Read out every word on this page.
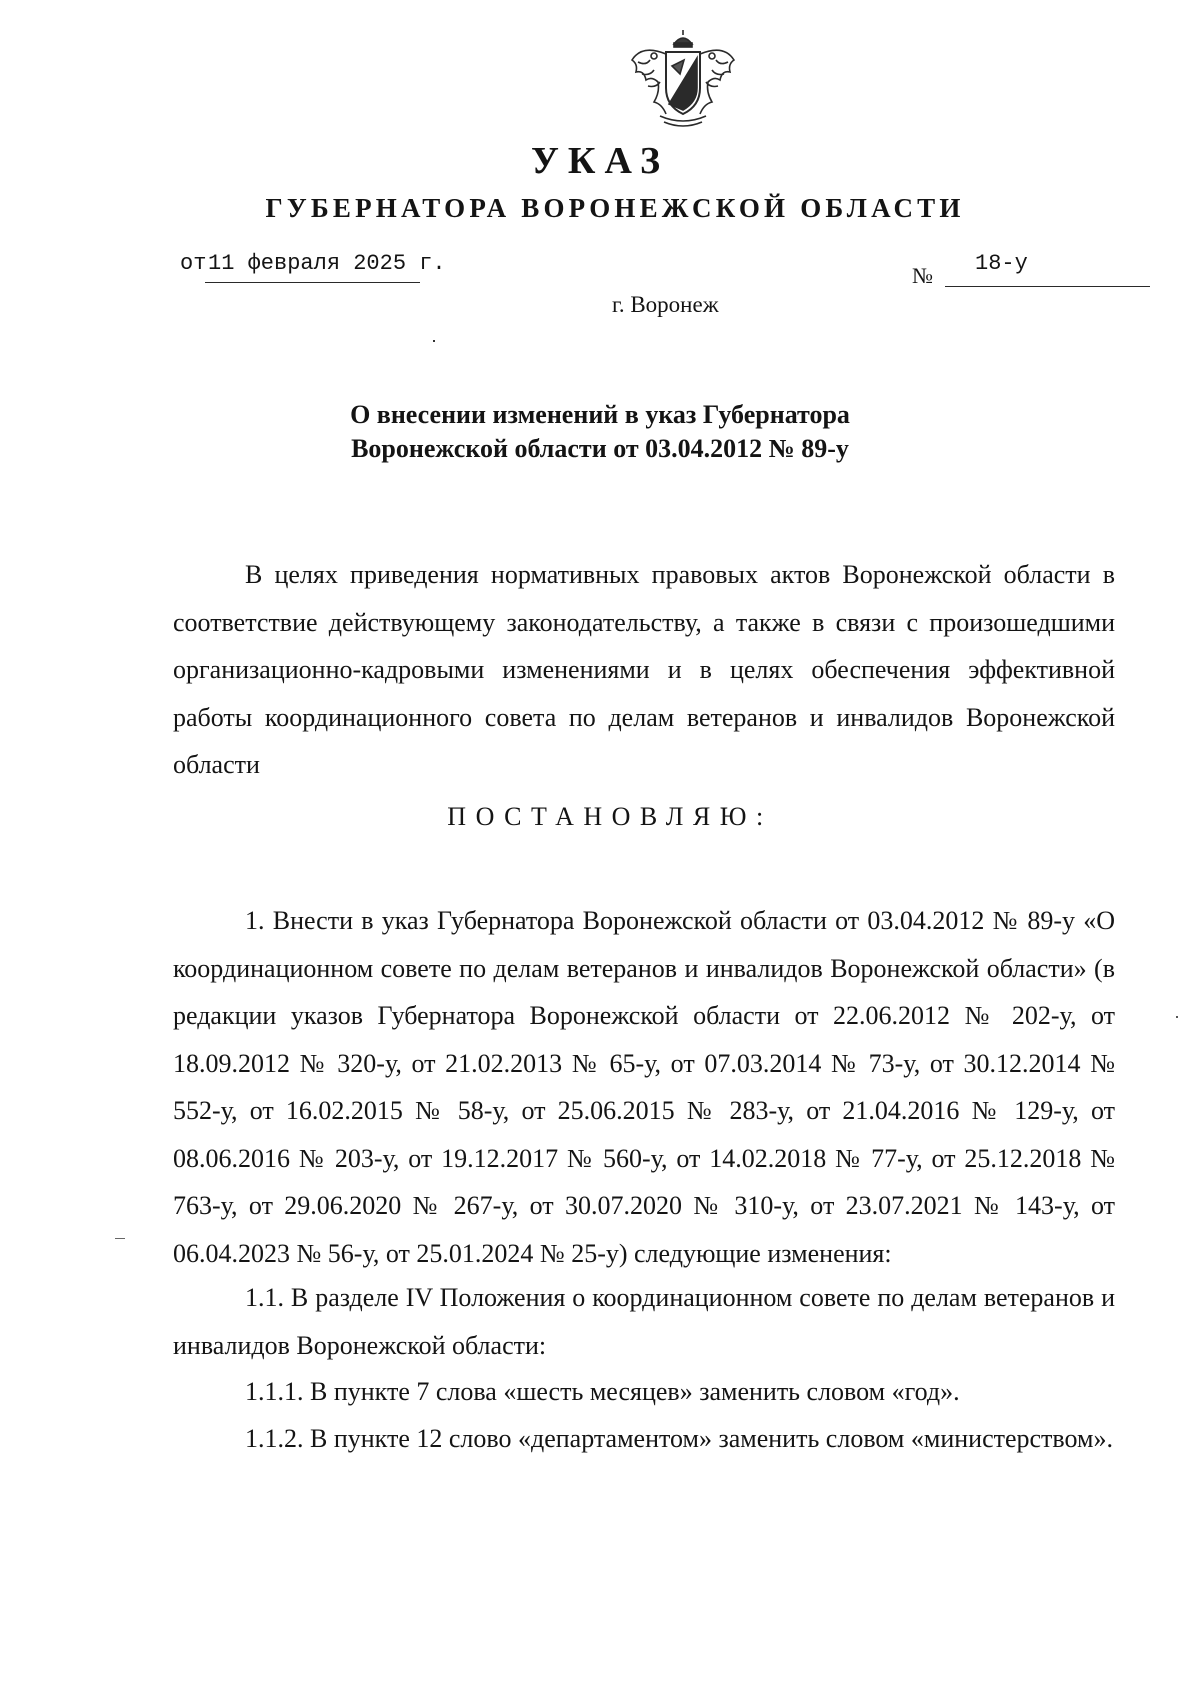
УКАЗ
ГУБЕРНАТОРА ВОРОНЕЖСКОЙ ОБЛАСТИ
от 11 февраля 2025 г.	№ 18-у
г. Воронеж
О внесении изменений в указ Губернатора
Воронежской области от 03.04.2012 № 89-у

В целях приведения нормативных правовых актов Воронежской области в соответствие действующему законодательству, а также в связи с произошедшими организационно-кадровыми изменениями и в целях обеспечения эффективной работы координационного совета по делам ветеранов и инвалидов Воронежской области

ПОСТАНОВЛЯЮ:

1. Внести в указ Губернатора Воронежской области от 03.04.2012 № 89-у «О координационном совете по делам ветеранов и инвалидов Воронежской области» (в редакции указов Губернатора Воронежской области от 22.06.2012 № 202-у, от 18.09.2012 № 320-у, от 21.02.2013 № 65-у, от 07.03.2014 № 73-у, от 30.12.2014 № 552-у, от 16.02.2015 № 58-у, от 25.06.2015 № 283-у, от 21.04.2016 № 129-у, от 08.06.2016 № 203-у, от 19.12.2017 № 560-у, от 14.02.2018 № 77-у, от 25.12.2018 № 763-у, от 29.06.2020 № 267-у, от 30.07.2020 № 310-у, от 23.07.2021 № 143-у, от 06.04.2023 № 56-у, от 25.01.2024 № 25-у) следующие изменения:

1.1. В разделе IV Положения о координационном совете по делам ветеранов и инвалидов Воронежской области:

1.1.1. В пункте 7 слова «шесть месяцев» заменить словом «год».

1.1.2. В пункте 12 слово «департаментом» заменить словом «министерством».
